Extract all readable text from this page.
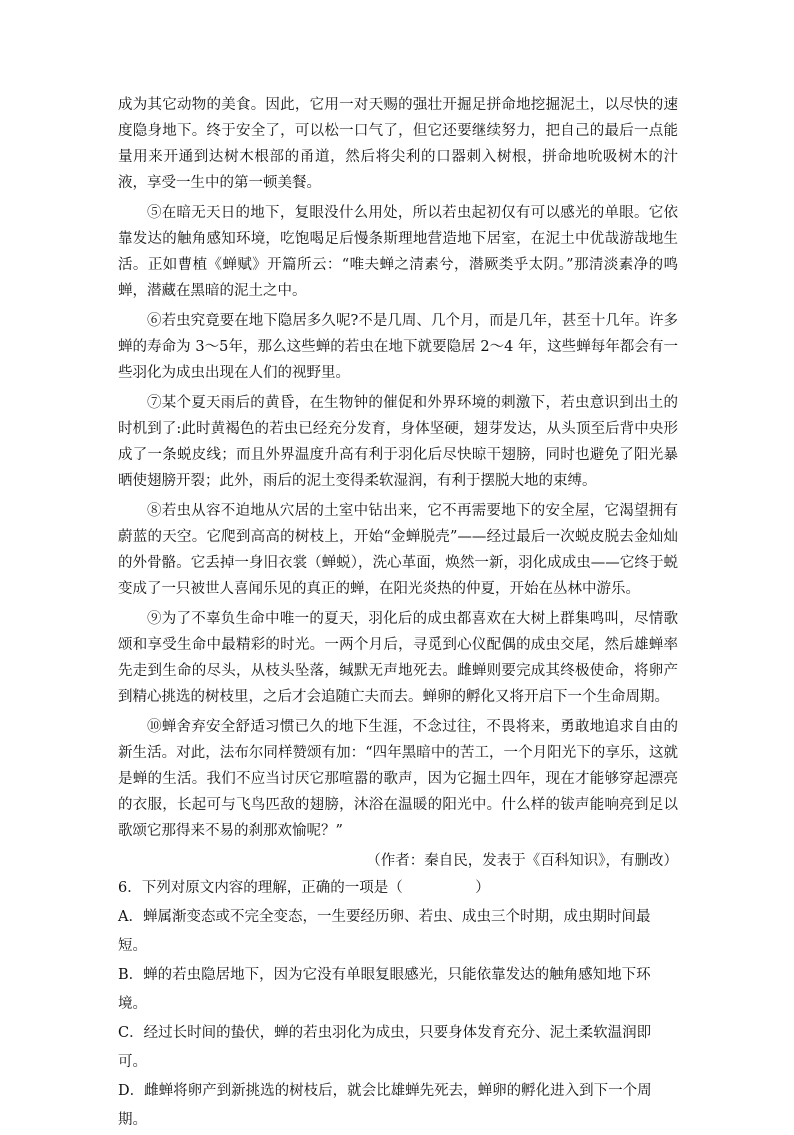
成为其它动物的美食。因此，它用一对天赐的强壮开掘足拼命地挖掘泥土，以尽快的速度隐身地下。终于安全了，可以松一口气了，但它还要继续努力，把自己的最后一点能量用来开通到达树木根部的甬道，然后将尖利的口器刺入树根，拼命地吮吸树木的汁液，享受一生中的第一顿美餐。

⑤在暗无天日的地下，复眼没什么用处，所以若虫起初仅有可以感光的单眼。它依靠发达的触角感知环境，吃饱喝足后慢条斯理地营造地下居室，在泥土中优哉游哉地生活。正如曹植《蝉赋》开篇所云：“唯夫蝉之清素兮，潜厥类乎太阴。”那清淡素净的鸣蝉，潜藏在黑暗的泥土之中。

⑥若虫究竟要在地下隐居多久呢?不是几周、几个月，而是几年，甚至十几年。许多蝉的寿命为 3～5年，那么这些蝉的若虫在地下就要隐居 2～4 年，这些蝉每年都会有一些羽化为成虫出现在人们的视野里。

⑦某个夏天雨后的黄昏，在生物钟的催促和外界环境的刺激下，若虫意识到出土的时机到了:此时黄褐色的若虫已经充分发育，身体坚硬，翅芽发达，从头顶至后背中央形成了一条蜕皮线；而且外界温度升高有利于羽化后尽快晾干翅膀，同时也避免了阳光暴晒使翅膀开裂；此外，雨后的泥土变得柔软湿润，有利于摆脱大地的束缚。

⑧若虫从容不迫地从穴居的土室中钻出来，它不再需要地下的安全屋，它渴望拥有蔚蓝的天空。它爬到高高的树枝上，开始“金蝉脱壳”——经过最后一次蜕皮脱去金灿灿的外骨骼。它丢掉一身旧衣裳（蝉蜕），洗心革面，焕然一新，羽化成成虫——它终于蜕变成了一只被世人喜闻乐见的真正的蝉，在阳光炎热的仲夏，开始在丛林中游乐。

⑨为了不辜负生命中唯一的夏天，羽化后的成虫都喜欢在大树上群集鸣叫，尽情歌颂和享受生命中最精彩的时光。一两个月后，寻觅到心仪配偶的成虫交尾，然后雄蝉率先走到生命的尽头，从枝头坠落，缄默无声地死去。雌蝉则要完成其终极使命，将卵产到精心挑选的树枝里，之后才会追随亡夫而去。蝉卵的孵化又将开启下一个生命周期。

⑩蝉舍弃安全舒适习惯已久的地下生涯，不念过往，不畏将来，勇敢地追求自由的新生活。对此，法布尔同样赞颂有加：“四年黑暗中的苦工，一个月阳光下的享乐，这就是蝉的生活。我们不应当讨厌它那喧嚣的歌声，因为它掘土四年，现在才能够穿起漂亮的衣服，长起可与飞鸟匹敌的翅膀，沐浴在温暖的阳光中。什么样的钹声能响亮到足以歌颂它那得来不易的刹那欢愉呢？”

（作者：秦自民，发表于《百科知识》，有删改）

6．下列对原文内容的理解，正确的一项是（　　　　　）

A．蝉属渐变态或不完全变态，一生要经历卵、若虫、成虫三个时期，成虫期时间最短。

B．蝉的若虫隐居地下，因为它没有单眼复眼感光，只能依靠发达的触角感知地下环境。

C．经过长时间的蛰伏，蝉的若虫羽化为成虫，只要身体发育充分、泥土柔软温润即可。

D．雌蝉将卵产到新挑选的树枝后，就会比雄蝉先死去，蝉卵的孵化进入到下一个周期。
